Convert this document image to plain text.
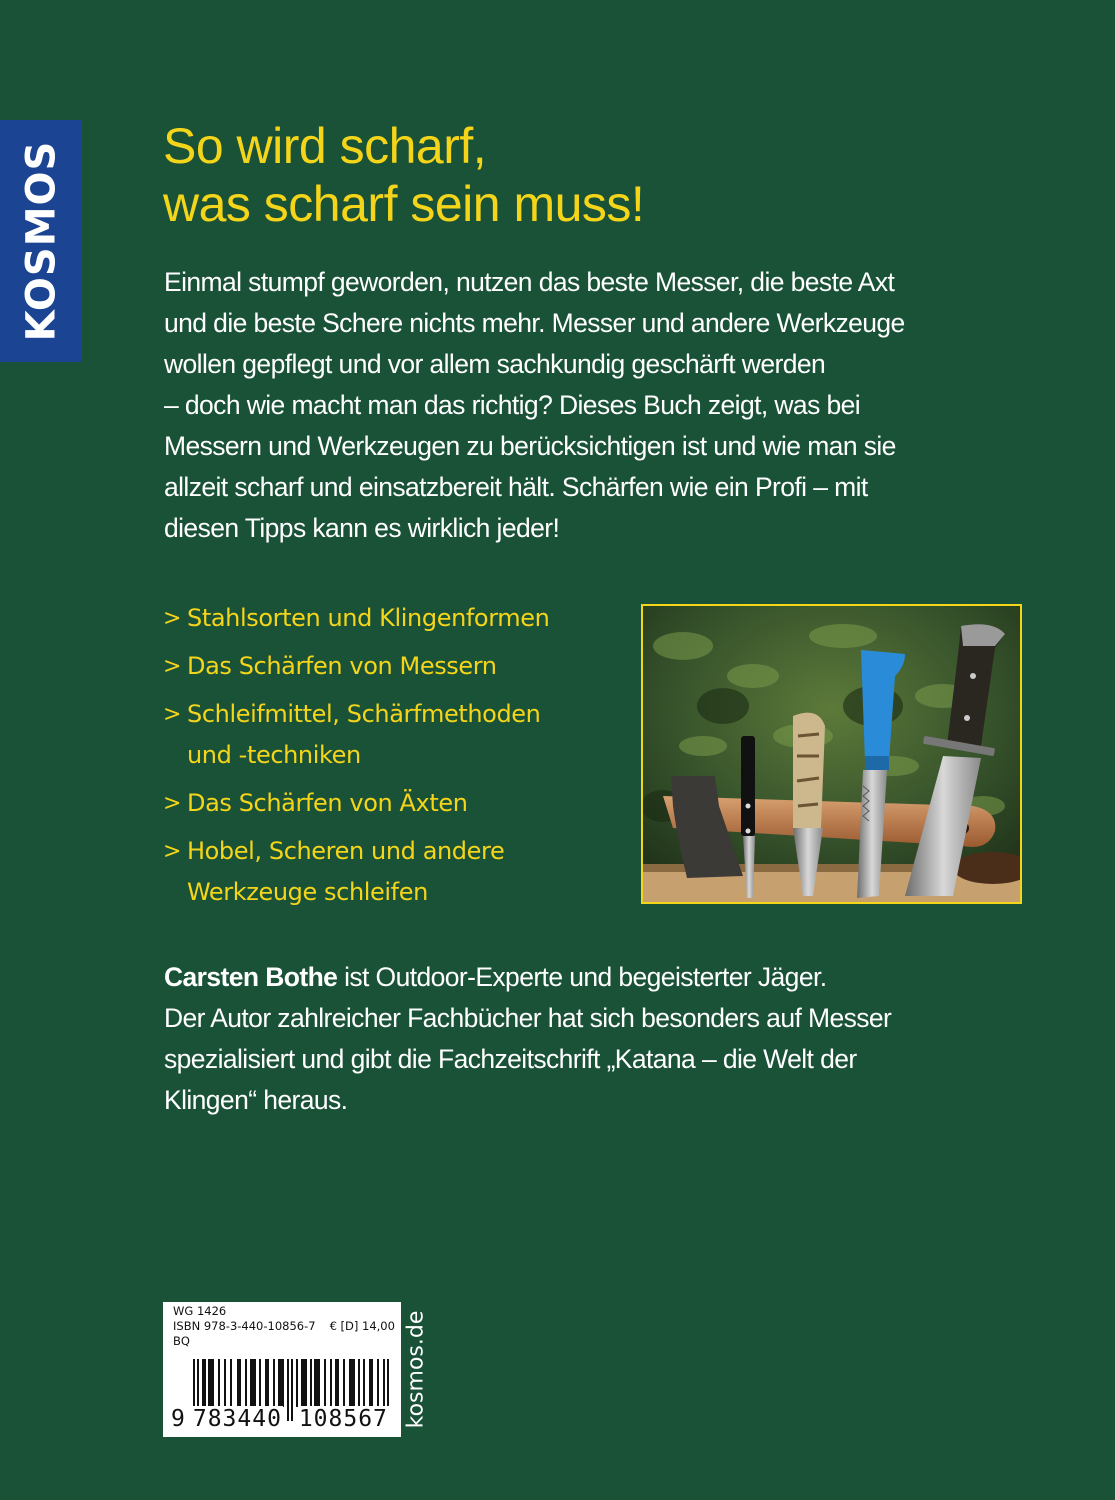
KOSMOS So wird scharf,
was scharf sein muss!

Einmal stumpf geworden, nutzen das beste Messer, die beste Axt
und die beste Schere nichts mehr. Messer und andere Werkzeuge
wollen gepflegt und vor allem sachkundig geschärft werden
– doch wie macht man das richtig? Dieses Buch zeigt, was bei
Messern und Werkzeugen zu berücksichtigen ist und wie man sie
allzeit scharf und einsatzbereit hält. Schärfen wie ein Profi – mit
diesen Tipps kann es wirklich jeder!

> Stahlsorten und Klingenformen
> Das Schärfen von Messern
> Schleifmittel, Schärfmethoden
und -techniken
> Das Schärfen von Äxten
> Hobel, Scheren und andere
Werkzeuge schleifen

Carsten Bothe ist Outdoor-Experte und begeisterter Jäger.
Der Autor zahlreicher Fachbücher hat sich besonders auf Messer
spezialisiert und gibt die Fachzeitschrift „Katana – die Welt der
Klingen“ heraus.

WG 1426
ISBN 978-3-440-10856-7 € [D] 14,00
BQ
9 783440 108567 kosmos.de
